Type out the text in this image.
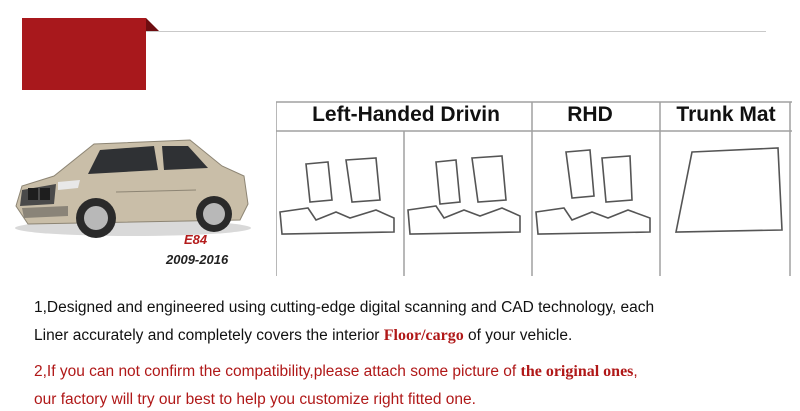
E84
2009-2016
Left-Handed Drivin	RHD	Trunk Mat
1,Designed and engineered using cutting-edge digital scanning and CAD technology, each
Liner accurately and completely covers the interior Floor/cargo of your vehicle.
2,If you can not confirm the compatibility,please attach some picture of the original ones,
our factory will try our best to help you customize right fitted one.
